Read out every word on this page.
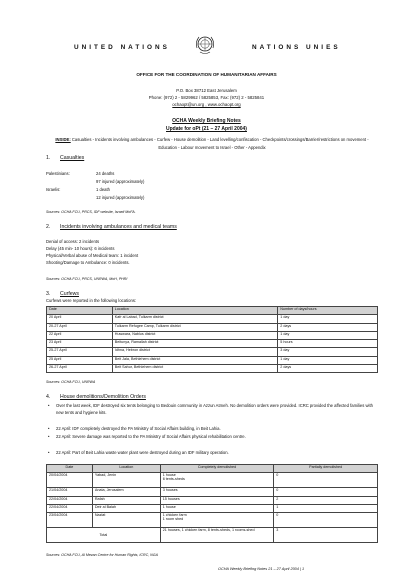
UNITED NATIONS	NATIONS UNIES
OFFICE FOR THE COORDINATION OF HUMANITARIAN AFFAIRS
P.O. Box 38712 East Jerusalem
Phone: (972) 2 - 5829962 / 5825853, Fax: (972) 2 - 5825841
ochaopt@un.org , www.ochaopt.org
OCHA Weekly Briefing Notes
Update for oPt (21 – 27 April 2004)
INSIDE: Casualties - Incidents involving ambulances - Curfew - House demolition - Land levelling/confiscation - Checkpoints/crossings/Barrier/restrictions on movement - Education - Labour movement to Israel - Other - Appendix
1. Casualties
Palestinians:	24 deaths
97 injured (approximately)
Israelis:	1 death
12 injured (approximately)
Sources: OCHA FCU, PRCS, IDF website, Israeli MoFA.
2. Incidents involving ambulances and medical teams
Denial of access: 2 incidents
Delay (45 min- 10 hours): 6 incidents
Physical/Verbal abuse of Medical team: 1 incident
Shooting/Damage to Ambulance: 0 incidents.
Sources: OCHA FCU, PRCS, UNRWA, MoH, PHRI
3. Curfews
Curfews were reported in the following locations:
Date	Location	Number of days/hours
20 April	Kafr al Labad, Tulkarm district	1 day
20-27 April	Tulkarm Refugee Camp, Tulkarm district	2 days
22 April	Huwwara, Nablus district	1 day
23 April	Beitunya, Ramallah district	5 hours
25-27 April	Idhna, Hebron district	3 day
25 April	Beit Jala, Bethlehem district	1 day
26-27 April	Beit Sahur, Bethlehem district	2 days
Sources: OCHA FCU, UNRWA
4. House demolitions/Demolition Orders
• Over the last week, IDF destroyed six tents belonging to Bedouin community in Azzun Atmeh. No demolition orders were provided. ICRC provided the affected families with new tents and hygiene kits.
• 22 April: IDF completely destroyed the PA Ministry of Social Affairs building, in Beit Lahia.
• 22 April: Severe damage was reported to the PA Ministry of Social Affairs physical rehabilitation centre.
• 22 April: Part of Beit Lahia waste water plant were destroyed during an IDF military operation.
Date	Location	Completely demolished	Partially demolished
20/04/2004	Yabad, Jenin	1 house
6 tents-sheds	0
21/04/2004	Anata, Jerusalem	3 houses	0
22/04/2004	Rafah	15 houses	2
22/04/2004	Deir al Balah	1 house	1
23/04/2004	Nazlat	1 chicken farm
1 room shed	0
Total		21 houses, 1 chicken farm, 8 tents-sheds, 1 rooms-shed	3
Sources: OCHA FCU, Al Mezan Centre for Human Rights, ICRC, NGA
OCHA Weekly Briefing Notes 21 – 27 April 2004 | 1
